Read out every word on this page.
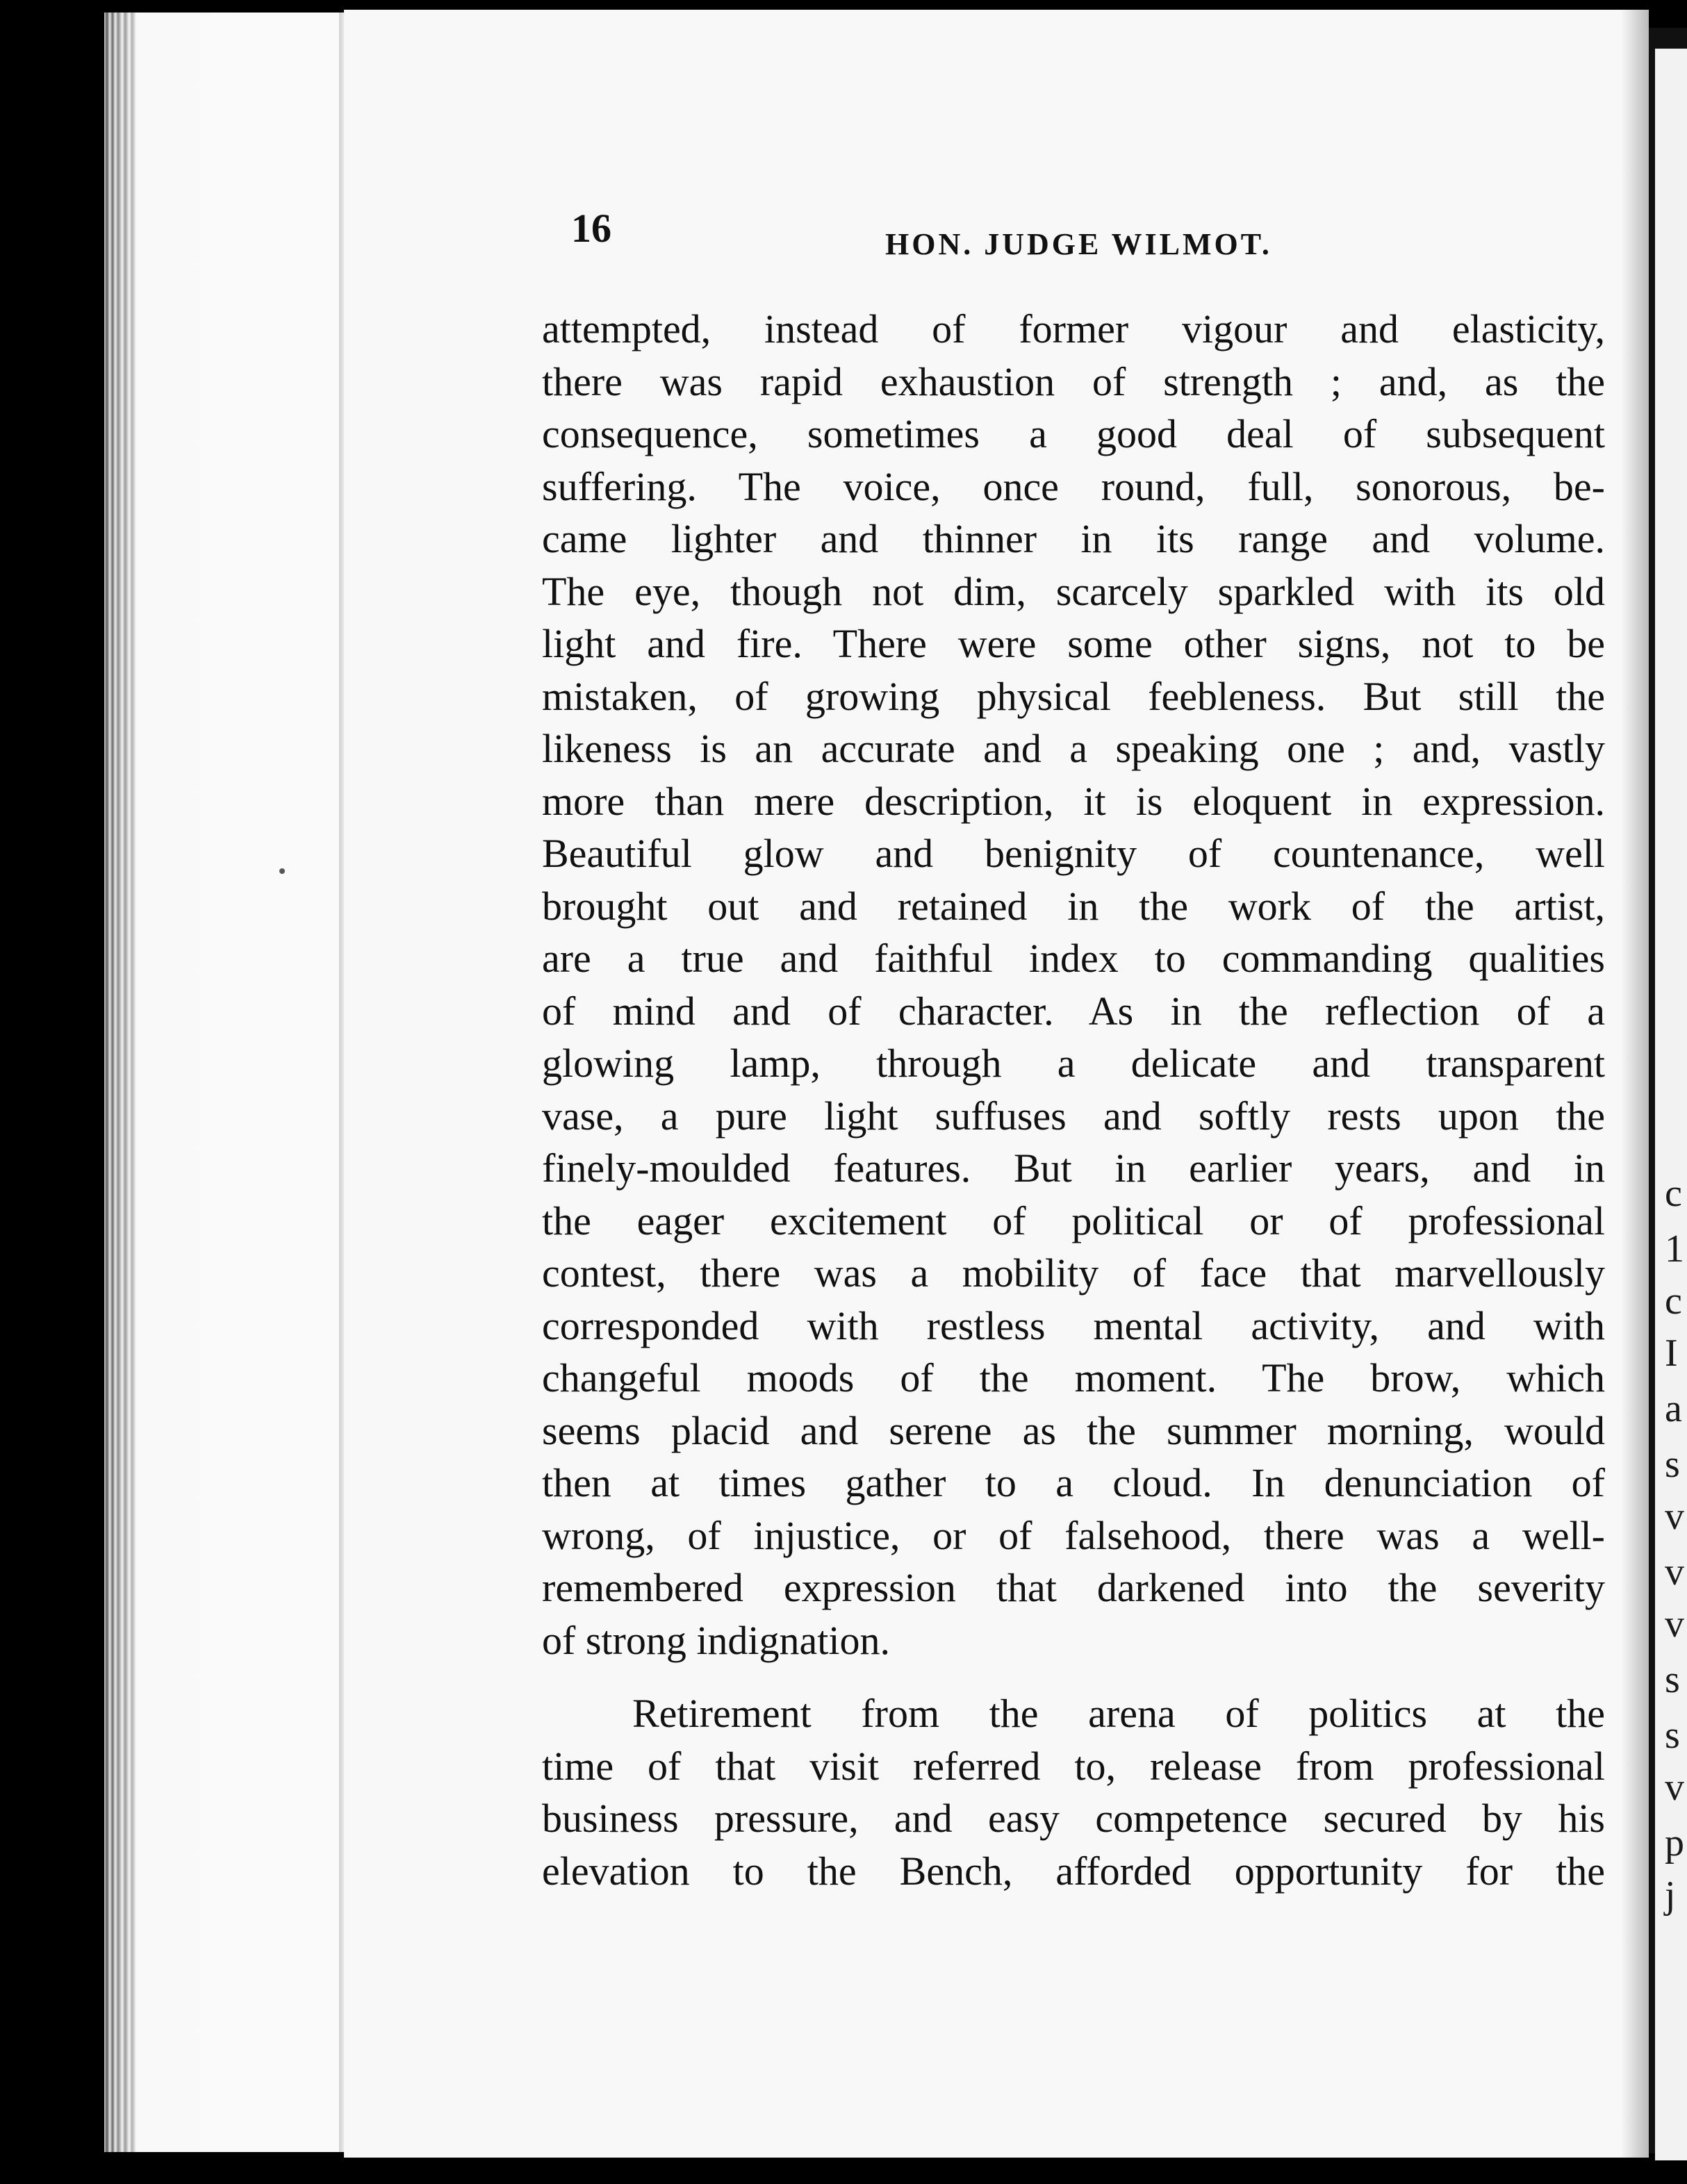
c
1
c
I
a
s
v
v
v
s
s
v
p
j
16	HON. JUDGE WILMOT.
attempted, instead of former vigour and elasticity,
there was rapid exhaustion of strength ; and, as the
consequence, sometimes a good deal of subsequent
suffering. The voice, once round, full, sonorous, be-
came lighter and thinner in its range and volume.
The eye, though not dim, scarcely sparkled with its old
light and fire. There were some other signs, not to be
mistaken, of growing physical feebleness. But still the
likeness is an accurate and a speaking one ; and, vastly
more than mere description, it is eloquent in expression.
Beautiful glow and benignity of countenance, well
brought out and retained in the work of the artist,
are a true and faithful index to commanding qualities
of mind and of character. As in the reflection of a
glowing lamp, through a delicate and transparent
vase, a pure light suffuses and softly rests upon the
finely-moulded features. But in earlier years, and in
the eager excitement of political or of professional
contest, there was a mobility of face that marvellously
corresponded with restless mental activity, and with
changeful moods of the moment. The brow, which
seems placid and serene as the summer morning, would
then at times gather to a cloud. In denunciation of
wrong, of injustice, or of falsehood, there was a well-
remembered expression that darkened into the severity
of strong indignation.
Retirement from the arena of politics at the
time of that visit referred to, release from professional
business pressure, and easy competence secured by his
elevation to the Bench, afforded opportunity for the
